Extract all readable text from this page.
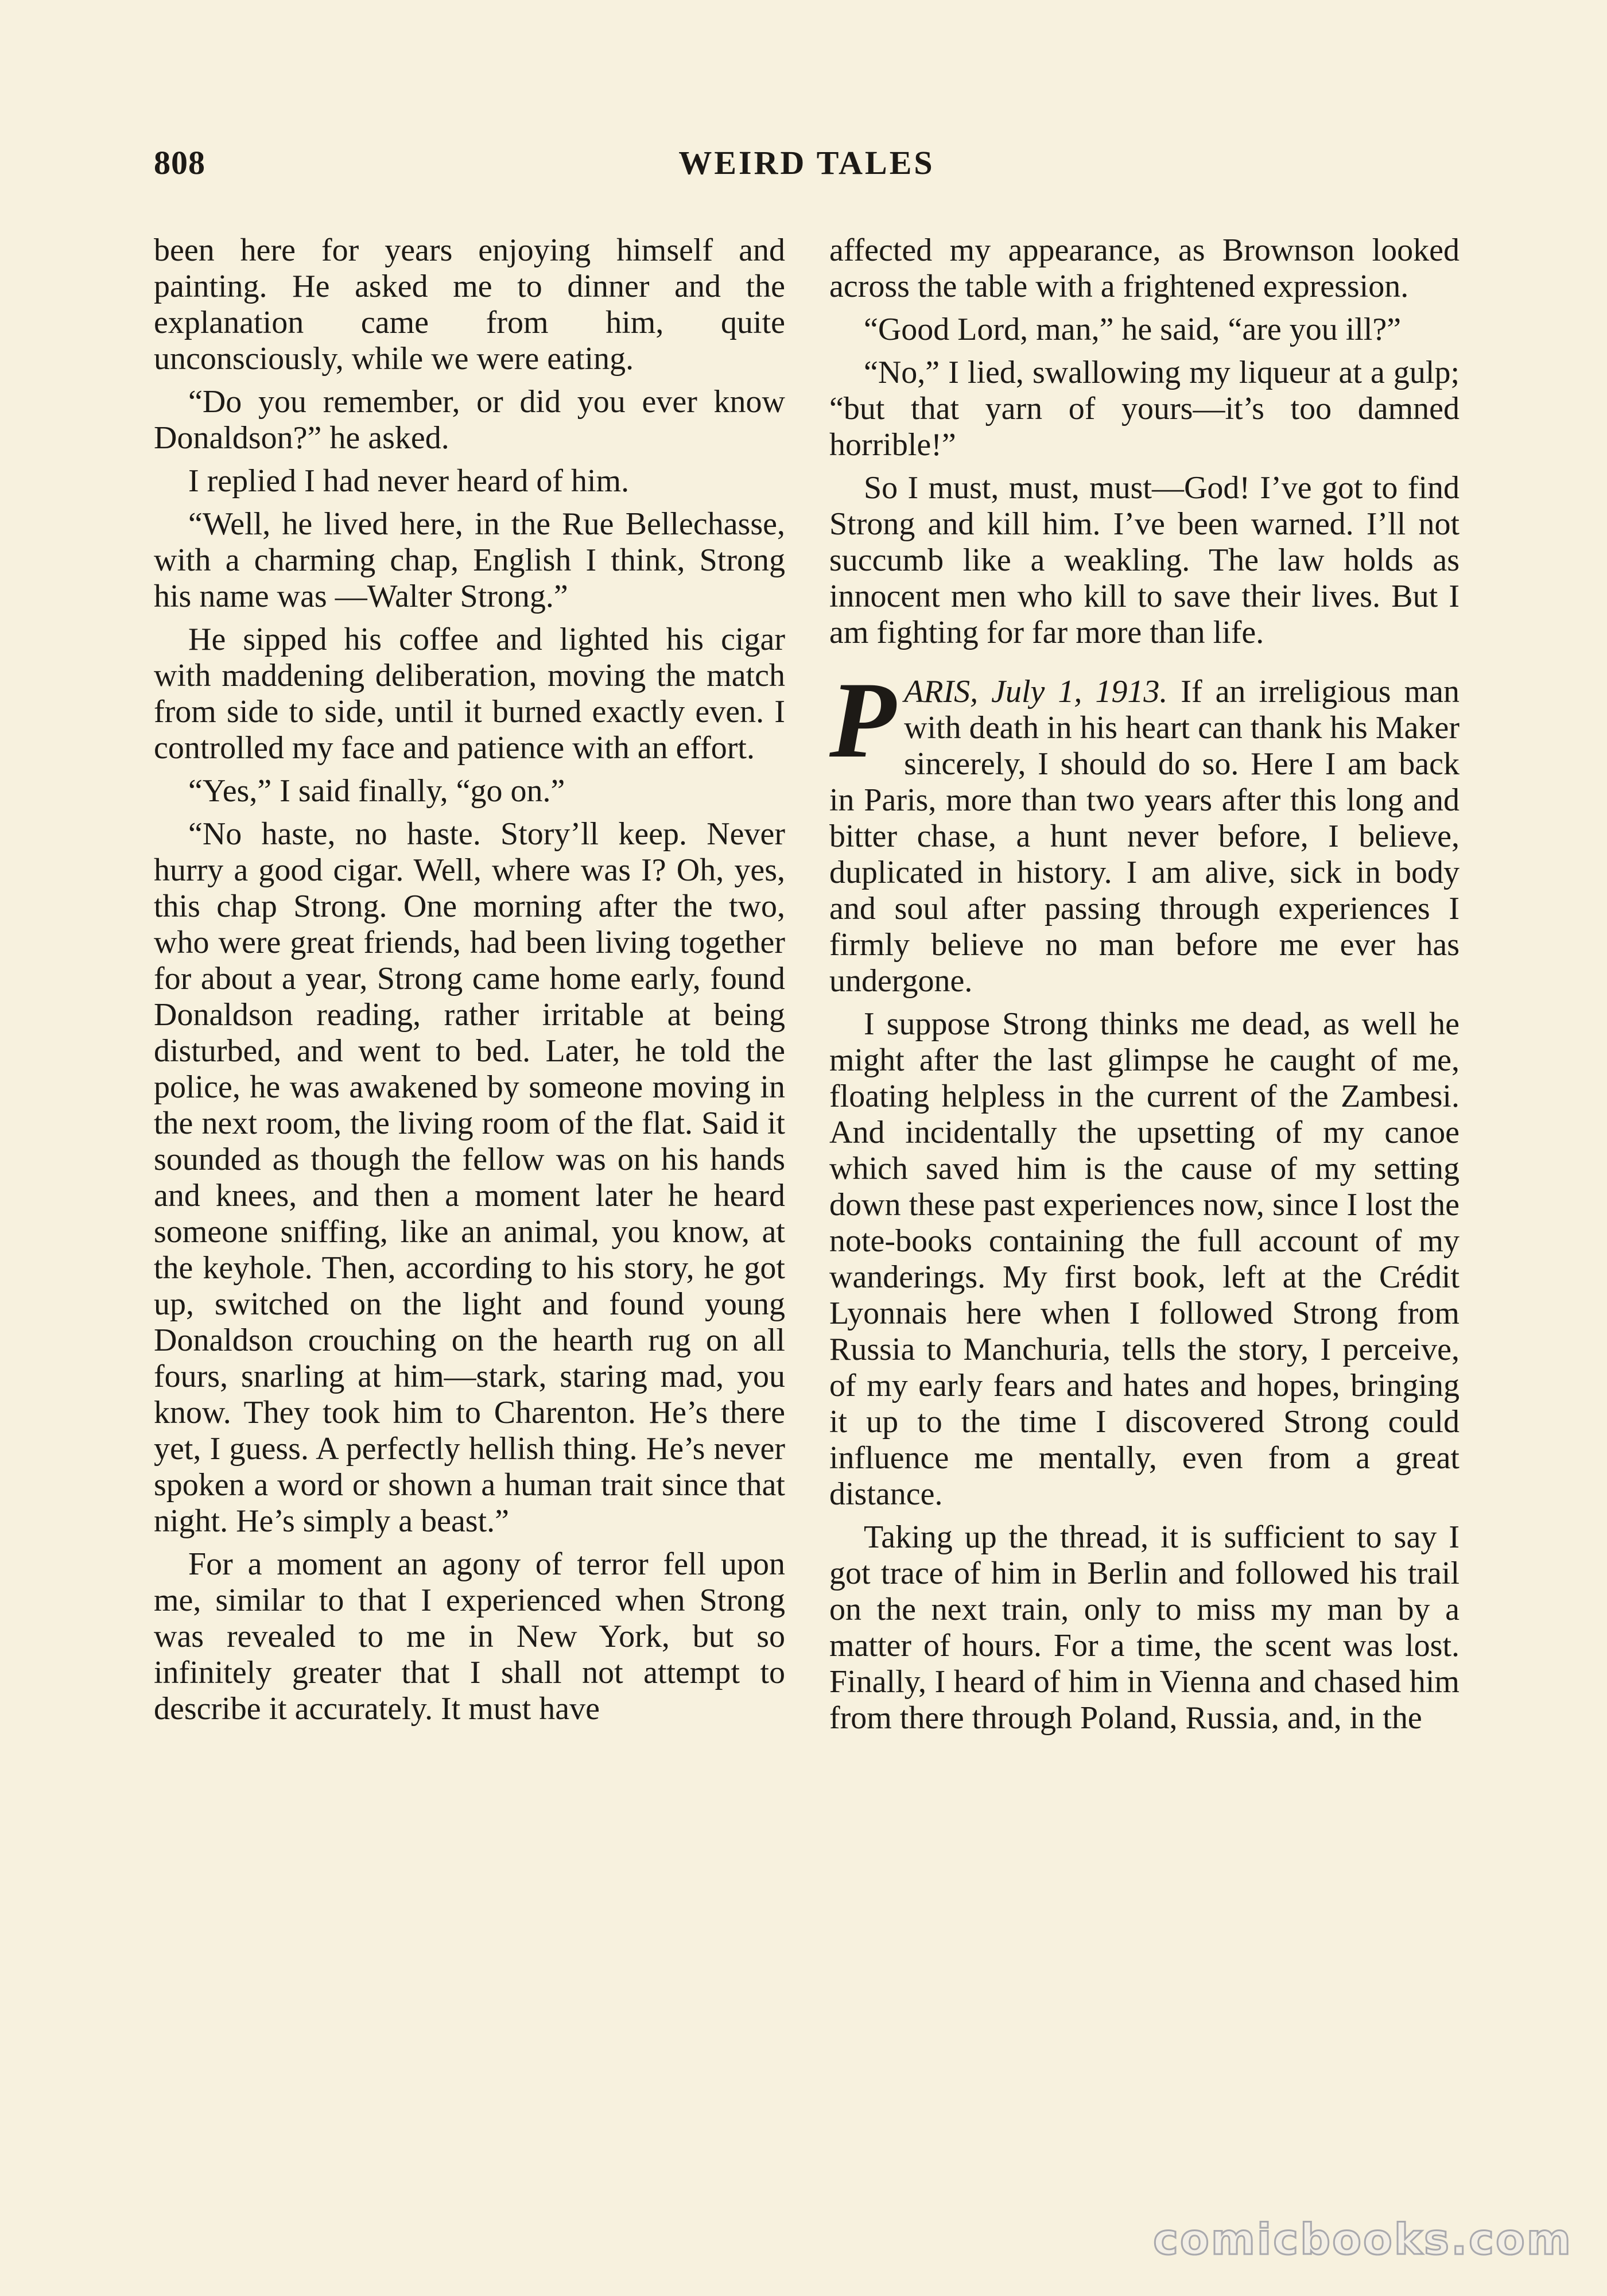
808	WEIRD TALES

been here for years enjoying himself and painting. He asked me to dinner and the explanation came from him, quite unconsciously, while we were eating.

“Do you remember, or did you ever know Donaldson?” he asked.

I replied I had never heard of him.

“Well, he lived here, in the Rue Bellechasse, with a charming chap, English I think, Strong his name was —Walter Strong.”

He sipped his coffee and lighted his cigar with maddening deliberation, moving the match from side to side, until it burned exactly even. I controlled my face and patience with an effort.

“Yes,” I said finally, “go on.”

“No haste, no haste. Story’ll keep. Never hurry a good cigar. Well, where was I? Oh, yes, this chap Strong. One morning after the two, who were great friends, had been living together for about a year, Strong came home early, found Donaldson reading, rather irritable at being disturbed, and went to bed. Later, he told the police, he was awakened by someone moving in the next room, the living room of the flat. Said it sounded as though the fellow was on his hands and knees, and then a moment later he heard someone sniffing, like an animal, you know, at the keyhole. Then, according to his story, he got up, switched on the light and found young Donaldson crouching on the hearth rug on all fours, snarling at him—stark, staring mad, you know. They took him to Charenton. He’s there yet, I guess. A perfectly hellish thing. He’s never spoken a word or shown a human trait since that night. He’s simply a beast.”

For a moment an agony of terror fell upon me, similar to that I experienced when Strong was revealed to me in New York, but so infinitely greater that I shall not attempt to describe it accurately. It must have

affected my appearance, as Brownson looked across the table with a frightened expression.

“Good Lord, man,” he said, “are you ill?”

“No,” I lied, swallowing my liqueur at a gulp; “but that yarn of yours—it’s too damned horrible!”

So I must, must, must—God! I’ve got to find Strong and kill him. I’ve been warned. I’ll not succumb like a weakling. The law holds as innocent men who kill to save their lives. But I am fighting for far more than life.

PARIS, July 1, 1913. If an irreligious man with death in his heart can thank his Maker sincerely, I should do so. Here I am back in Paris, more than two years after this long and bitter chase, a hunt never before, I believe, duplicated in history. I am alive, sick in body and soul after passing through experiences I firmly believe no man before me ever has undergone.

I suppose Strong thinks me dead, as well he might after the last glimpse he caught of me, floating helpless in the current of the Zambesi. And incidentally the upsetting of my canoe which saved him is the cause of my setting down these past experiences now, since I lost the note-books containing the full account of my wanderings. My first book, left at the Crédit Lyonnais here when I followed Strong from Russia to Manchuria, tells the story, I perceive, of my early fears and hates and hopes, bringing it up to the time I discovered Strong could influence me mentally, even from a great distance.

Taking up the thread, it is sufficient to say I got trace of him in Berlin and followed his trail on the next train, only to miss my man by a matter of hours. For a time, the scent was lost. Finally, I heard of him in Vienna and chased him from there through Poland, Russia, and, in the

comicbooks.com
